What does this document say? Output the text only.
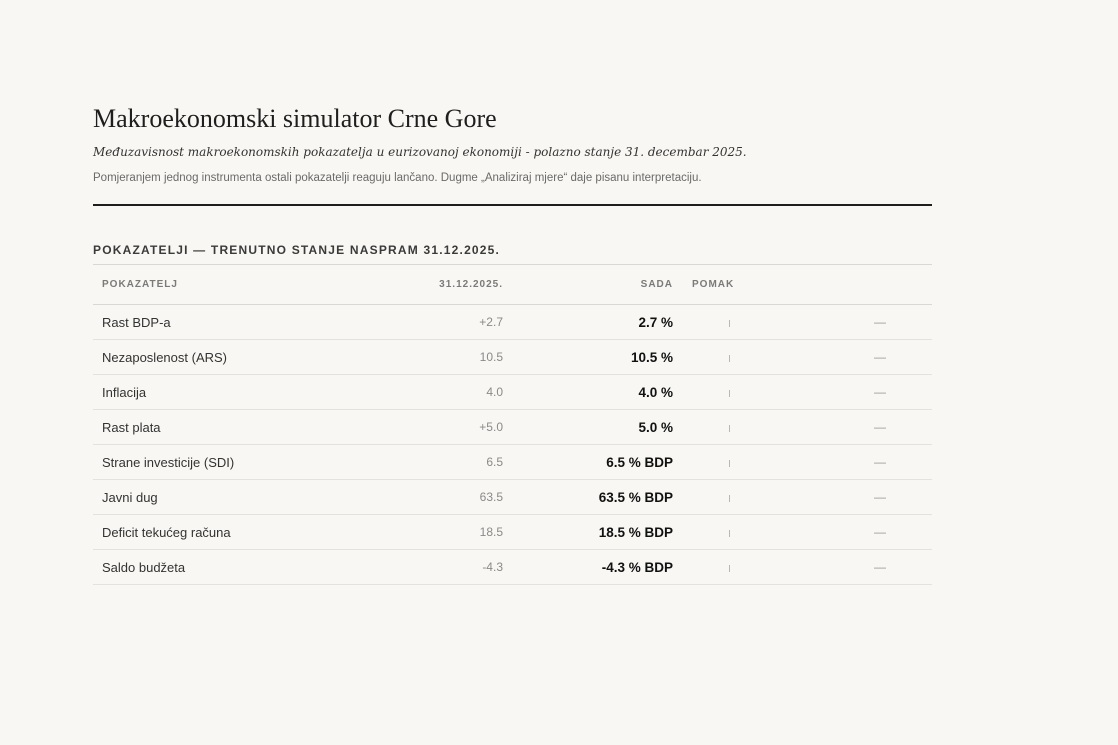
Makroekonomski simulator Crne Gore
Međuzavisnost makroekonomskih pokazatelja u eurizovanoj ekonomiji - polazno stanje 31. decembar 2025.
Pomjeranjem jednog instrumenta ostali pokazatelji reaguju lančano. Dugme „Analiziraj mjere“ daje pisanu interpretaciju.
POKAZATELJI — TRENUTNO STANJE NASPRAM 31.12.2025.
POKAZATELJ	31.12.2025.	SADA	POMAK	
Rast BDP-a	+2.7	2.7 %		—
Nezaposlenost (ARS)	10.5	10.5 %		—
Inflacija	4.0	4.0 %		—
Rast plata	+5.0	5.0 %		—
Strane investicije (SDI)	6.5	6.5 % BDP		—
Javni dug	63.5	63.5 % BDP		—
Deficit tekućeg računa	18.5	18.5 % BDP		—
Saldo budžeta	-4.3	-4.3 % BDP		—
